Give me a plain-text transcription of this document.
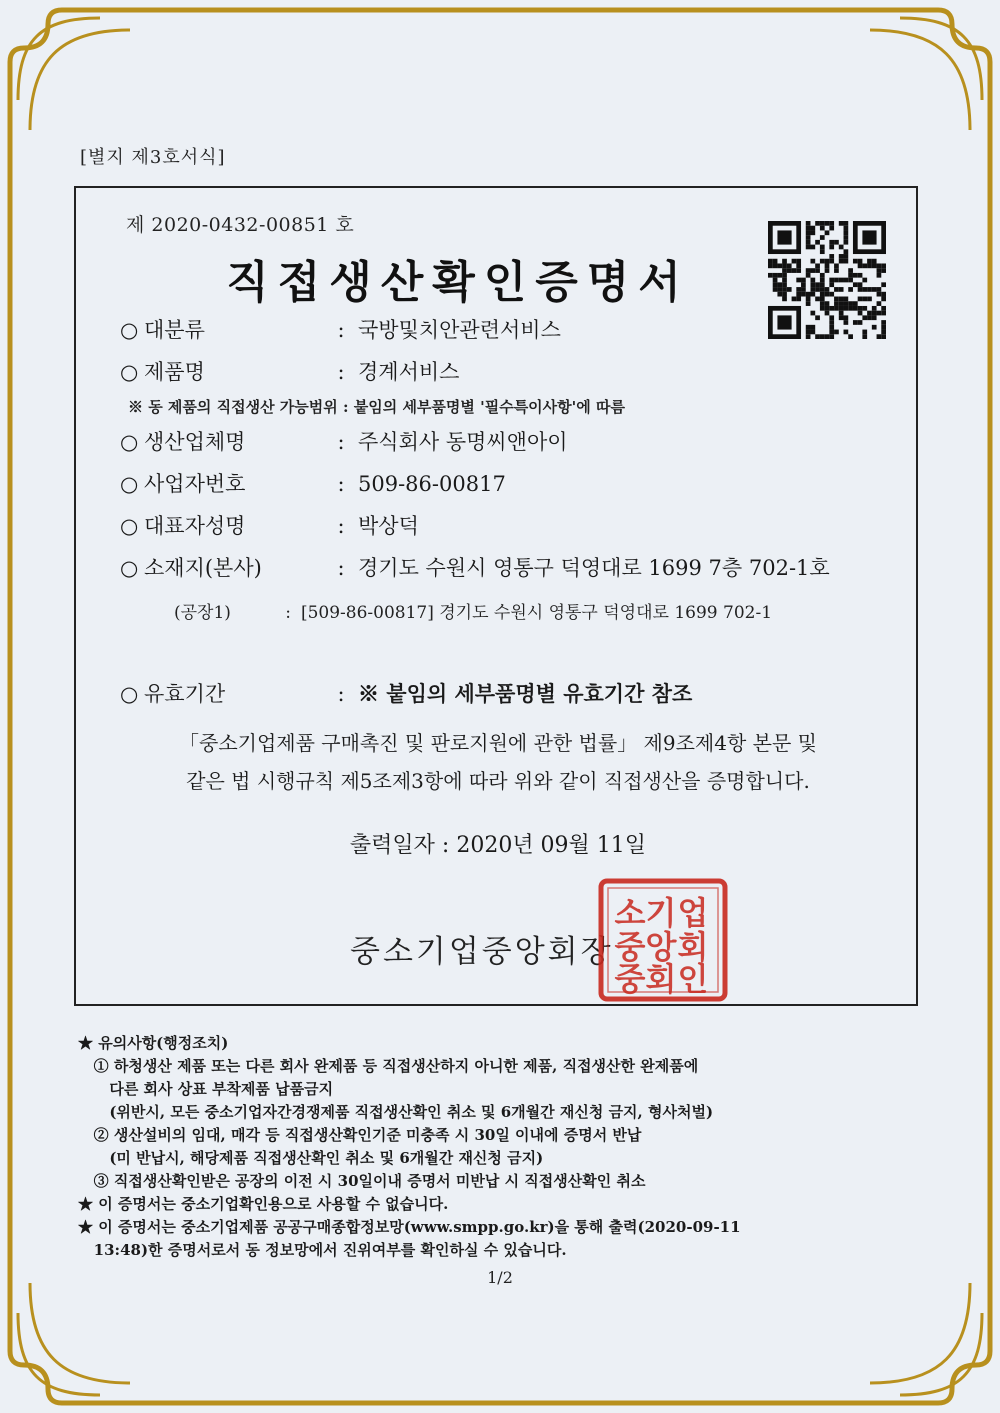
[별지 제3호서식]
제 2020-0432-00851 호
직접생산확인증명서
○ 대분류	: 국방및치안관련서비스
○ 제품명	: 경계서비스
※ 동 제품의 직접생산 가능범위 : 붙임의 세부품명별 '필수특이사항'에 따름
○ 생산업체명	: 주식회사 동명씨앤아이
○ 사업자번호	: 509-86-00817
○ 대표자성명	: 박상덕
○ 소재지(본사)	: 경기도 수원시 영통구 덕영대로 1699 7층 702-1호
(공장1)	: [509-86-00817] 경기도 수원시 영통구 덕영대로 1699 702-1
○ 유효기간	: ※ 붙임의 세부품명별 유효기간 참조
「중소기업제품 구매촉진 및 판로지원에 관한 법률」 제9조제4항 본문 및
같은 법 시행규칙 제5조제3항에 따라 위와 같이 직접생산을 증명합니다.
출력일자 : 2020년 09월 11일
중소기업중앙회장
업
회
인
기
앙
회
소
중
중
★ 유의사항(행정조치)
① 하청생산 제품 또는 다른 회사 완제품 등 직접생산하지 아니한 제품, 직접생산한 완제품에
다른 회사 상표 부착제품 납품금지
(위반시, 모든 중소기업자간경쟁제품 직접생산확인 취소 및 6개월간 재신청 금지, 형사처벌)
② 생산설비의 임대, 매각 등 직접생산확인기준 미충족 시 30일 이내에 증명서 반납
(미 반납시, 해당제품 직접생산확인 취소 및 6개월간 재신청 금지)
③ 직접생산확인받은 공장의 이전 시 30일이내 증명서 미반납 시 직접생산확인 취소
★ 이 증명서는 중소기업확인용으로 사용할 수 없습니다.
★ 이 증명서는 중소기업제품 공공구매종합정보망(www.smpp.go.kr)을 통해 출력(2020-09-11
13:48)한 증명서로서 동 정보망에서 진위여부를 확인하실 수 있습니다.
1/2
